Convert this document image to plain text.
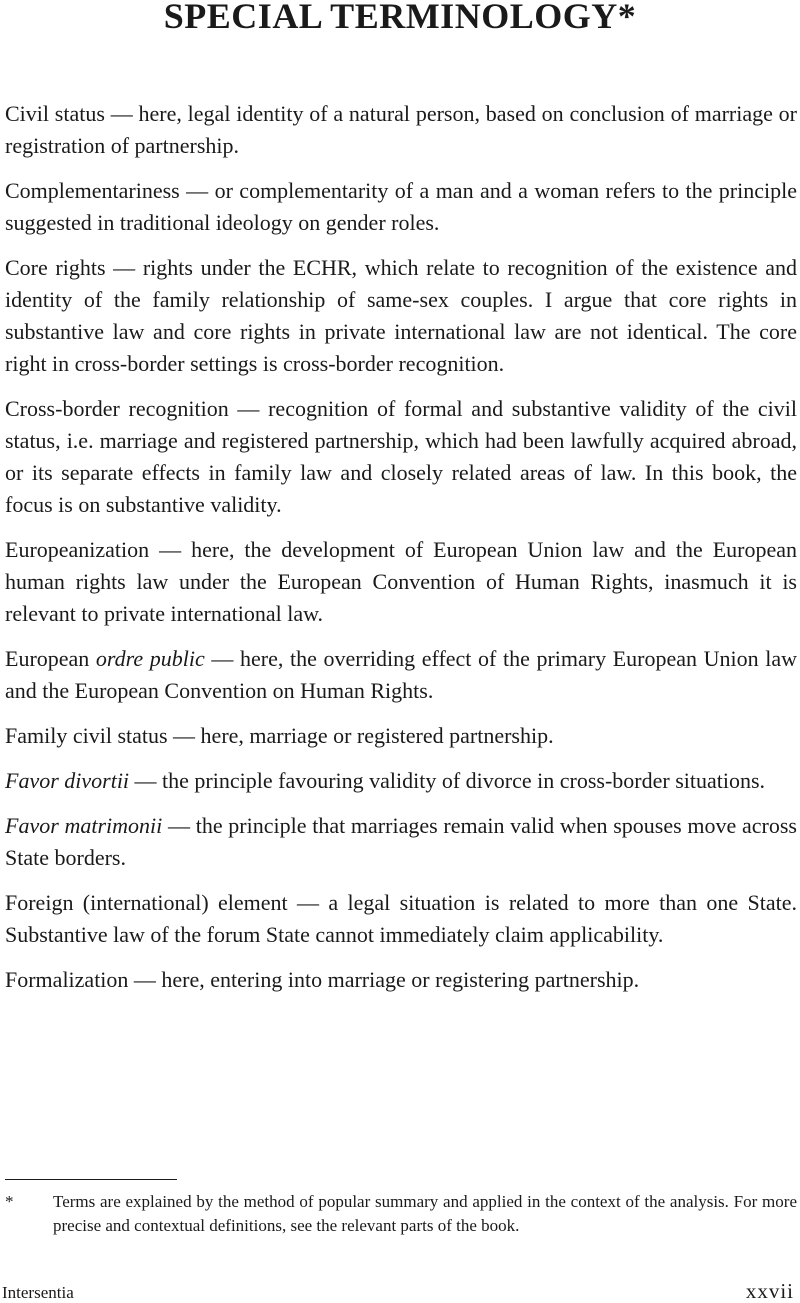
SPECIAL TERMINOLOGY*

Civil status — here, legal identity of a natural person, based on conclusion of marriage or registration of partnership.

Complementariness — or complementarity of a man and a woman refers to the principle suggested in traditional ideology on gender roles.

Core rights — rights under the ECHR, which relate to recognition of the existence and identity of the family relationship of same-sex couples. I argue that core rights in substantive law and core rights in private international law are not identical. The core right in cross-border settings is cross-border recognition.

Cross-border recognition — recognition of formal and substantive validity of the civil status, i.e. marriage and registered partnership, which had been lawfully acquired abroad, or its separate effects in family law and closely related areas of law. In this book, the focus is on substantive validity.

Europeanization — here, the development of European Union law and the European human rights law under the European Convention of Human Rights, inasmuch it is relevant to private international law.

European ordre public — here, the overriding effect of the primary European Union law and the European Convention on Human Rights.

Family civil status — here, marriage or registered partnership.

Favor divortii — the principle favouring validity of divorce in cross-border situations.

Favor matrimonii — the principle that marriages remain valid when spouses move across State borders.

Foreign (international) element — a legal situation is related to more than one State. Substantive law of the forum State cannot immediately claim applicability.

Formalization — here, entering into marriage or registering partnership.

* Terms are explained by the method of popular summary and applied in the context of the analysis. For more precise and contextual definitions, see the relevant parts of the book.
Intersentia	xxvii
